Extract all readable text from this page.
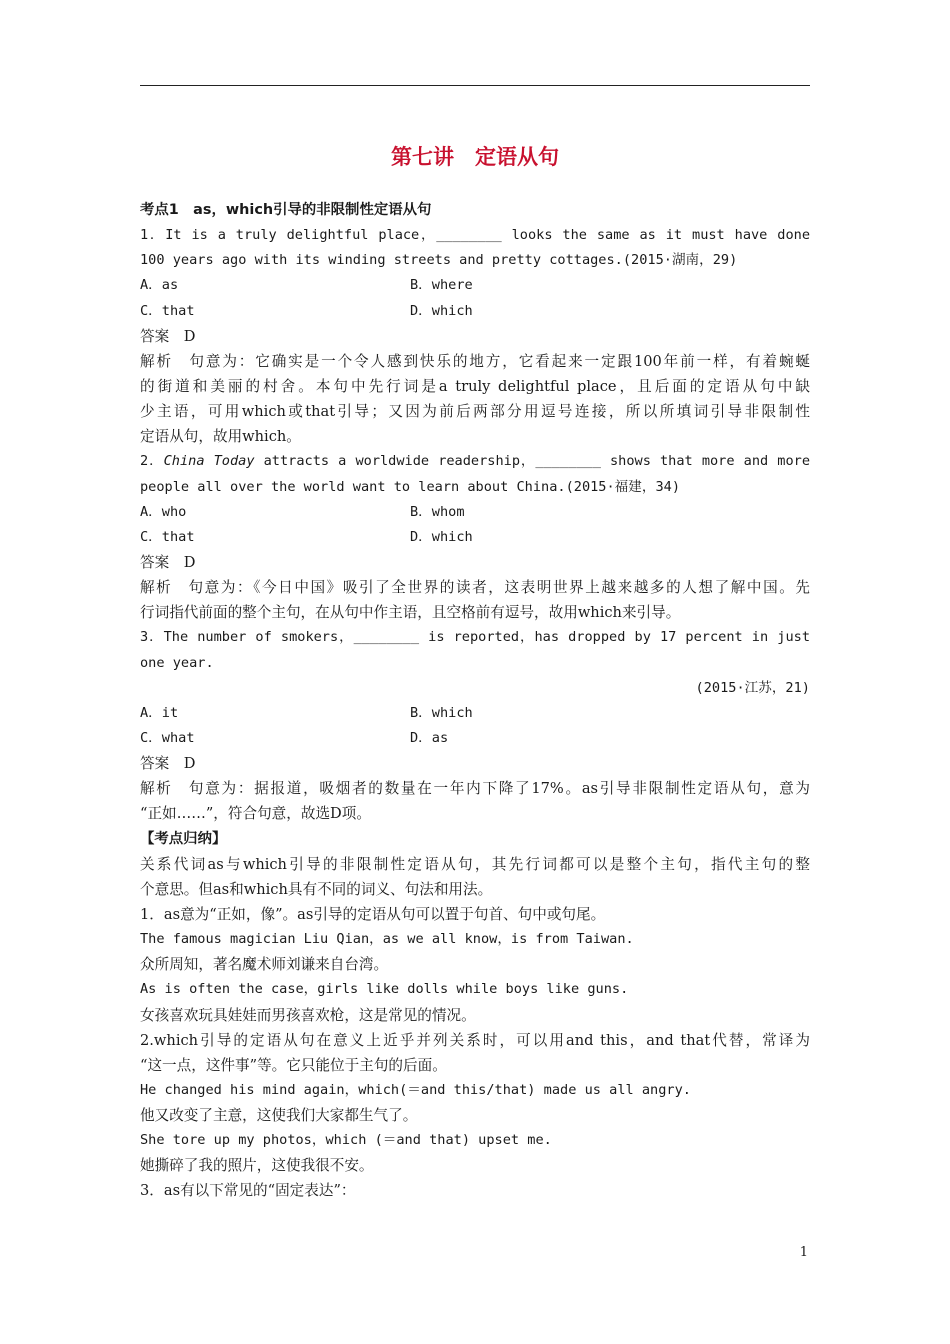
第七讲　定语从句
考点1　as，which引导的非限制性定语从句
1．It is a truly delightful place，________ looks the same as it must have done
100 years ago with its winding streets and pretty cottages.(2015·湖南，29)
A．as	B．where
C．that	D．which
答案　D
解析　句意为：它确实是一个令人感到快乐的地方，它看起来一定跟100年前一样，有着蜿蜒
的街道和美丽的村舍。本句中先行词是a truly delightful place，且后面的定语从句中缺
少主语，可用which或that引导；又因为前后两部分用逗号连接，所以所填词引导非限制性
定语从句，故用which。
2．China Today attracts a worldwide readership，________ shows that more and more
people all over the world want to learn about China.(2015·福建，34)
A．who	B．whom
C．that	D．which
答案　D
解析　句意为：《今日中国》吸引了全世界的读者，这表明世界上越来越多的人想了解中国。先
行词指代前面的整个主句，在从句中作主语，且空格前有逗号，故用which来引导。
3．The number of smokers，________ is reported，has dropped by 17 percent in just
one year.
(2015·江苏，21)
A．it	B．which
C．what	D．as
答案　D
解析　句意为：据报道，吸烟者的数量在一年内下降了17%。as引导非限制性定语从句，意为
“正如……”，符合句意，故选D项。
【考点归纳】
关系代词as与which引导的非限制性定语从句，其先行词都可以是整个主句，指代主句的整
个意思。但as和which具有不同的词义、句法和用法。
1．as意为“正如，像”。as引导的定语从句可以置于句首、句中或句尾。
The famous magician Liu Qian，as we all know，is from Taiwan.
众所周知，著名魔术师刘谦来自台湾。
As is often the case，girls like dolls while boys like guns.
女孩喜欢玩具娃娃而男孩喜欢枪，这是常见的情况。
2.which引导的定语从句在意义上近乎并列关系时，可以用and this，and that代替，常译为
“这一点，这件事”等。它只能位于主句的后面。
He changed his mind again，which(＝and this/that) made us all angry.
他又改变了主意，这使我们大家都生气了。
She tore up my photos，which (＝and that) upset me.
她撕碎了我的照片，这使我很不安。
3．as有以下常见的“固定表达”：
1
